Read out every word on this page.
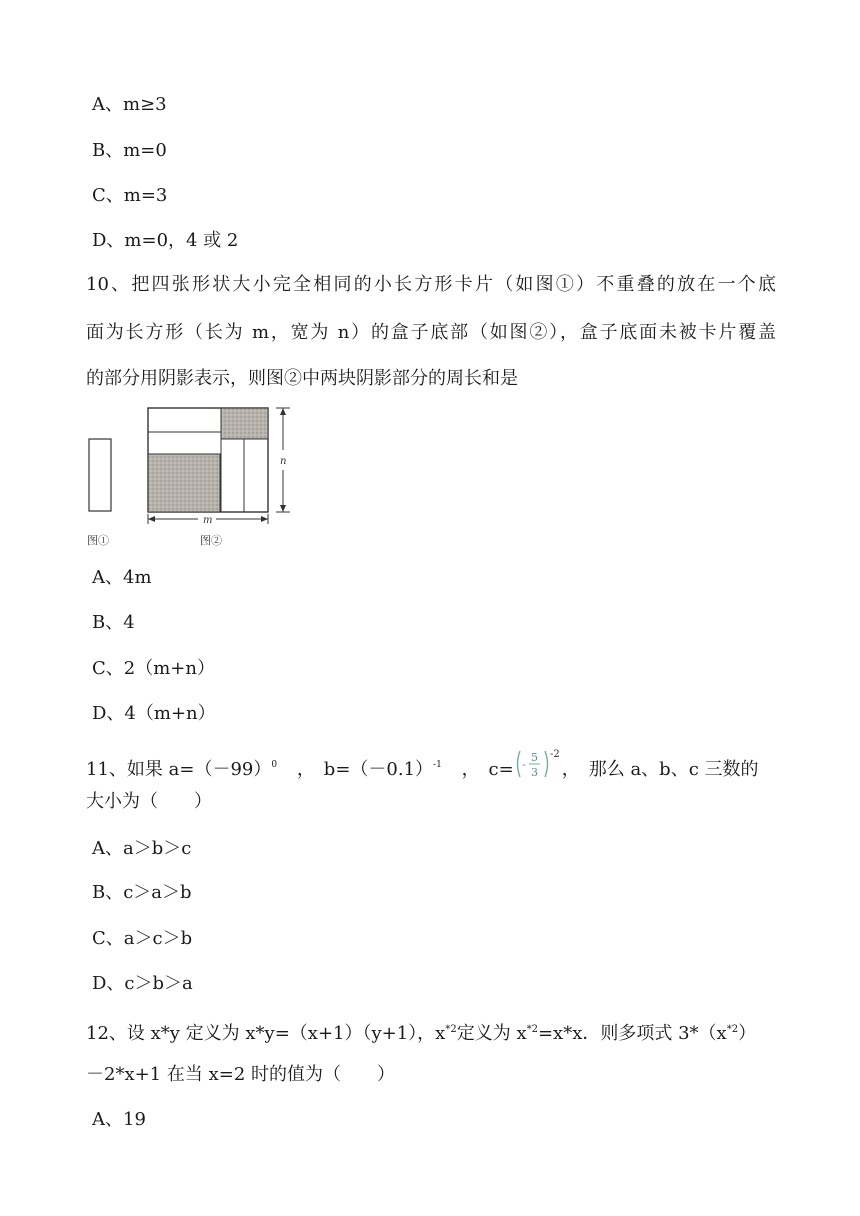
A、m≥3
B、m=0
C、m=3
D、m=0，4 或 2
10、把四张形状大小完全相同的小长方形卡片（如图①）不重叠的放在一个底
面为长方形（长为 m，宽为 n）的盒子底部（如图②），盒子底面未被卡片覆盖
的部分用阴影表示，则图②中两块阴影部分的周长和是
n
m
图①	图②
A、4m
B、4
C、2（m+n）
D、4（m+n）
11、如果 $a=(-99)^0$ ，　$b=(-0.1)^{-1}$ ，　c= -
5
3
-2
，　那么 a、b、c 三数的
大小为（　　）
A、a＞b＞c
B、c＞a＞b
C、a＞c＞b
D、c＞b＞a
12、设 x*y 定义为 x*y=（x+1）（y+1），$x^{*2}$定义为 $x^{*2}=x*x$．则多项式 $3*(x^{*2})$
－2*x+1 在当 x=2 时的值为（　　）
A、19
